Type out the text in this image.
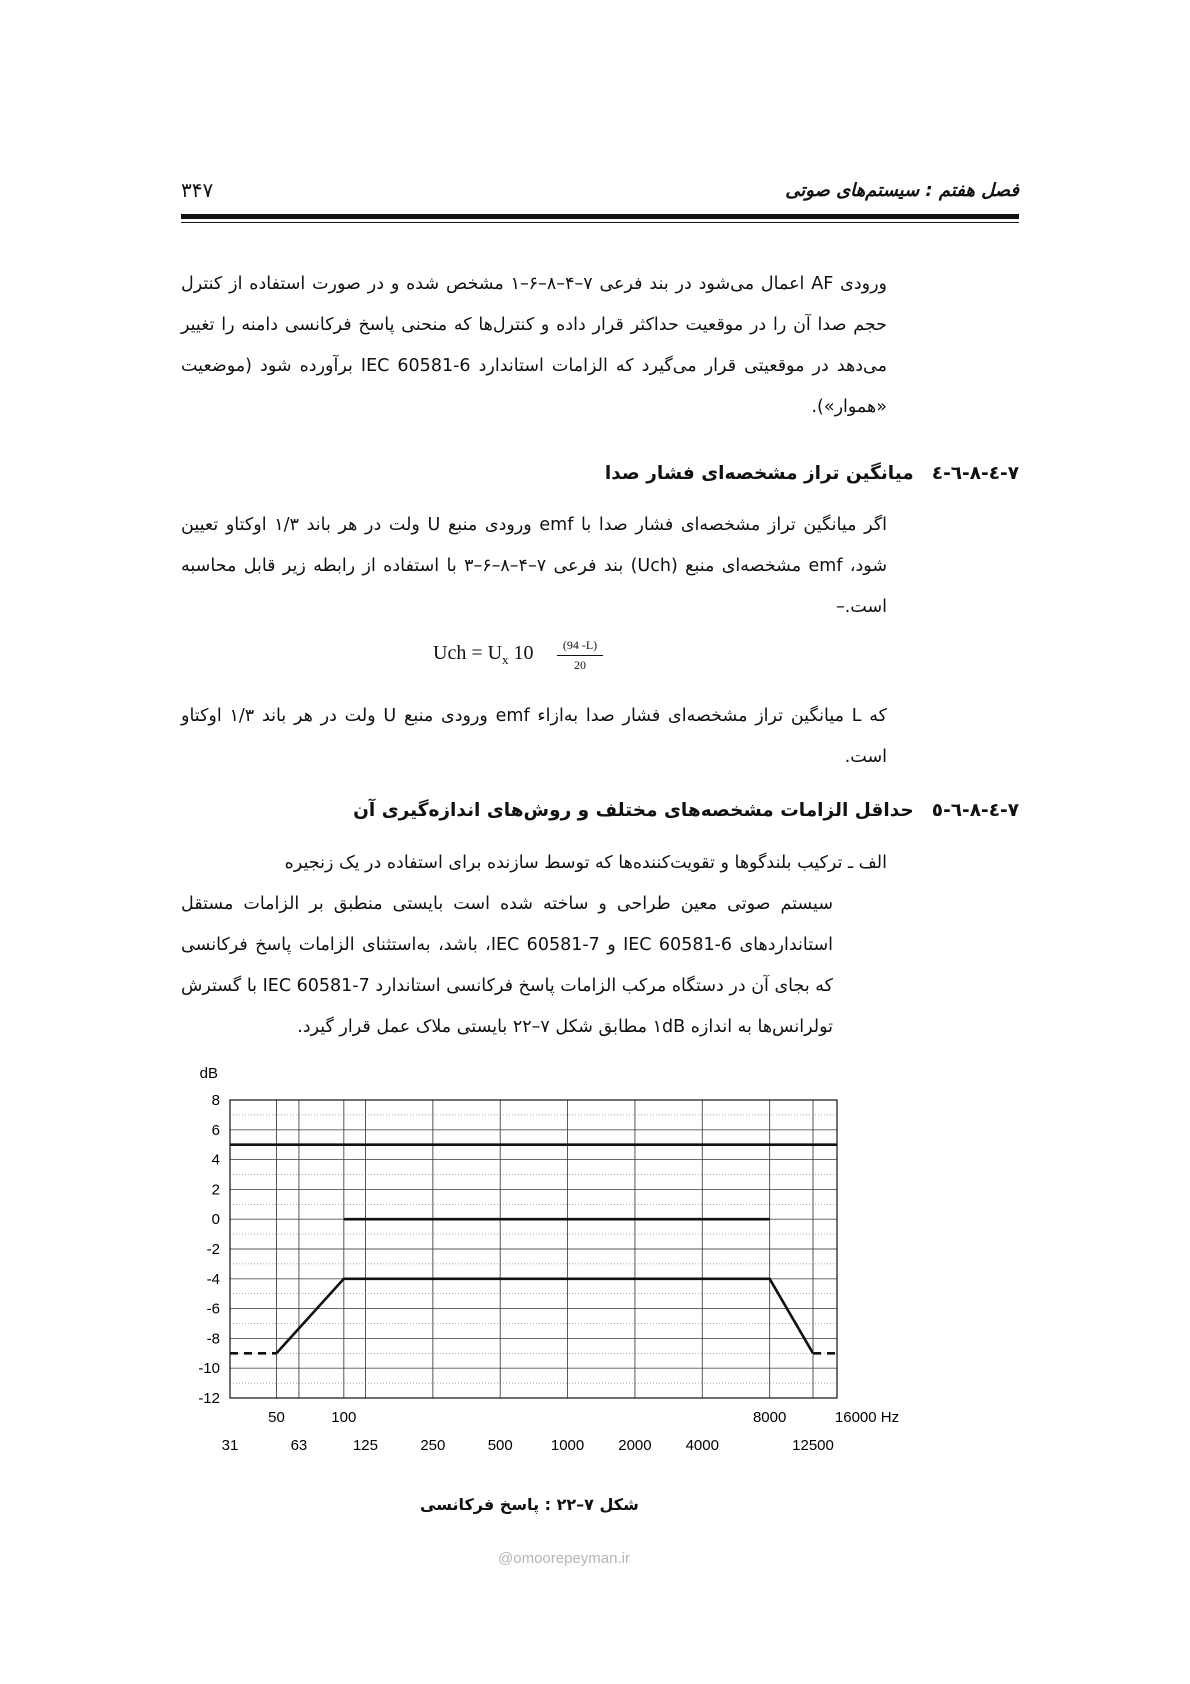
۳۴۷	فصل هفتم : سیستم‌های صوتی
ورودی AF اعمال می‌شود در بند فرعی ۷–۴–۸–۶–۱ مشخص شده و در صورت استفاده از کنترل حجم صدا آن را در موقعیت حداکثر قرار داده و کنترل‌ها که منحنی پاسخ فرکانسی دامنه را تغییر می‌دهد در موقعیتی قرار می‌گیرد که الزامات استاندارد IEC 60581-6 برآورده شود (موضعیت «هموار»).
۷-٤-۸-٦-٤میانگین تراز مشخصه‌ای فشار صدا
اگر میانگین تراز مشخصه‌ای فشار صدا با emf ورودی منبع U ولت در هر باند ۱/۳ اوکتاو تعیین شود، emf مشخصه‌ای منبع (Uch) بند فرعی ۷–۴–۸–۶–۳ با استفاده از رابطه زیر قابل محاسبه است.–
Uch = $U_x$ $10 \frac{(94 -L)}{20}$
که L میانگین تراز مشخصه‌ای فشار صدا به‌ازاء emf ورودی منبع U ولت در هر باند ۱/۳ اوکتاو است.
۷-٤-۸-٦-٥حداقل الزامات مشخصه‌های مختلف و روش‌های اندازه‌گیری آن
الف ـ ترکیب بلندگوها و تقویت‌کننده‌ها که توسط سازنده برای استفاده در یک زنجیره
سیستم صوتی معین طراحی و ساخته شده است بایستی منطبق بر الزامات مستقل استانداردهای IEC 60581-6 و IEC 60581-7، باشد، به‌استثنای الزامات پاسخ فرکانسی که بجای آن در دستگاه مرکب الزامات پاسخ فرکانسی استاندارد IEC 60581-7 با گسترش تولرانس‌ها به اندازه ۱dB مطابق شکل ۷–۲۲ بایستی ملاک عمل قرار گیرد.
8
6
4
2
0
-2
-4
-6
-8
-10
-12
dB
50	100	8000	16000 Hz
31	63	125	250	500	1000 2000 4000	12500
شکل ۷–۲۲ : پاسخ فرکانسی
@omoorepeyman.ir
